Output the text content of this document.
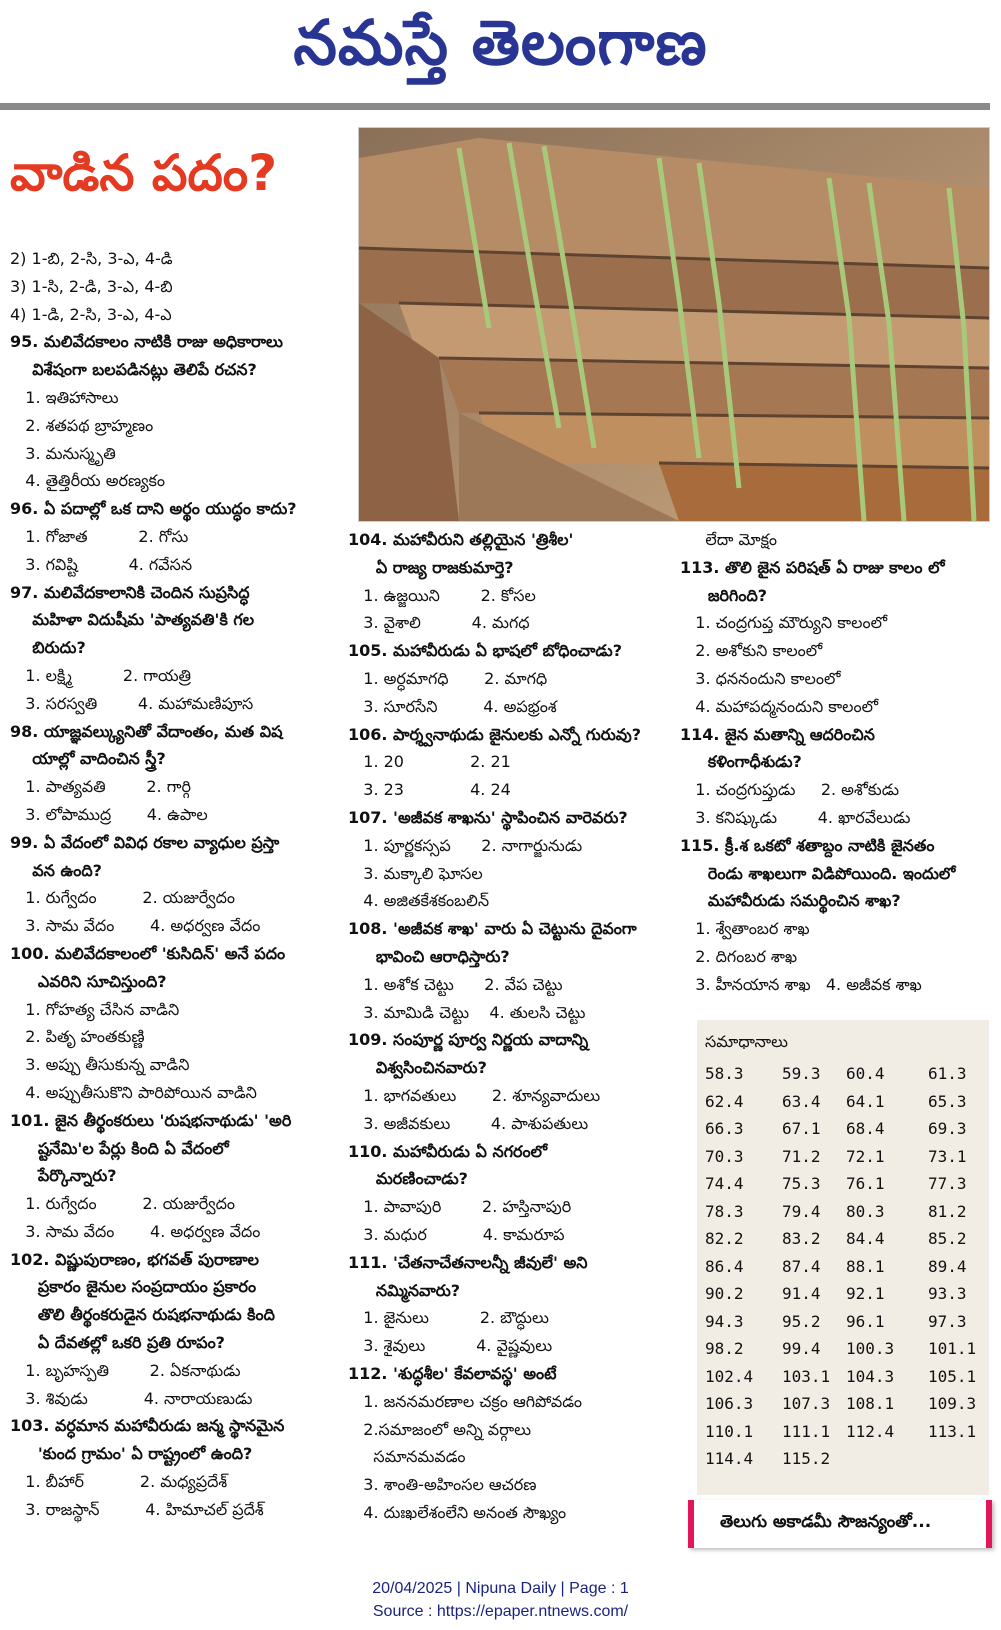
నమస్తే తెలంగాణ
వాడిన పదం?
2) 1-బి, 2-సి, 3-ఎ, 4-డి
3) 1-సి, 2-డి, 3-ఎ, 4-బి
4) 1-డి, 2-సి, 3-ఎ, 4-ఎ
95. మలివేదకాలం నాటికి రాజు అధికారాలు
విశేషంగా బలపడినట్లు తెలిపే రచన?
1. ఇతిహాసాలు
2. శతపథ బ్రాహ్మణం
3. మనుస్మృతి
4. తైత్తిరీయ అరణ్యకం
96. ఏ పదాల్లో ఒక దాని అర్థం యుద్ధం కాదు?
1. గోజాత          2. గోసు
3. గవిష్టి          4. గవేసన
97. మలివేదకాలానికి చెందిన సుప్రసిద్ధ
మహిళా విదుషీమ 'పాత్యవతి'కి గల
బిరుదు?
1. లక్ష్మి          2. గాయత్రి
3. సరస్వతి        4. మహామణిపూస
98. యాజ్ఞవల్క్యునితో వేదాంతం, మత విష
యాల్లో వాదించిన స్త్రీ?
1. పాత్యవతి        2. గార్గి
3. లోపాముద్ర       4. ఉపాల
99. ఏ వేదంలో వివిధ రకాల వ్యాధుల ప్రస్తా
వన ఉంది?
1. రుగ్వేదం         2. యజుర్వేదం
3. సామ వేదం       4. అధర్వణ వేదం
100. మలివేదకాలంలో 'కుసిదిన్' అనే పదం
ఎవరిని సూచిస్తుంది?
1. గోహత్య చేసిన వాడిని
2. పితృ హంతకుణ్ణి
3. అప్పు తీసుకున్న వాడిని
4. అప్పుతీసుకొని పారిపోయిన వాడిని
101. జైన తీర్థంకరులు 'రుషభనాథుడు' 'అరి
ష్టనేమి'ల పేర్లు కింది ఏ వేదంలో
పేర్కొన్నారు?
1. రుగ్వేదం         2. యజుర్వేదం
3. సామ వేదం       4. అధర్వణ వేదం
102. విష్ణుపురాణం, భగవత్ పురాణాల
ప్రకారం జైనుల సంప్రదాయం ప్రకారం
తొలి తీర్థంకరుడైన రుషభనాథుడు కింది
ఏ దేవతల్లో ఒకరి ప్రతి రూపం?
1. బృహస్పతి        2. ఏకనాథుడు
3. శివుడు           4. నారాయణుడు
103. వర్ధమాన మహావీరుడు జన్మ స్థానమైన
'కుంద గ్రామం' ఏ రాష్ట్రంలో ఉంది?
1. బీహార్           2. మధ్యప్రదేశ్
3. రాజస్థాన్         4. హిమాచల్ ప్రదేశ్
104. మహావీరుని తల్లియైన 'త్రిశీల'
ఏ రాజ్య రాజకుమార్తె?
1. ఉజ్జయిని        2. కోసల
3. వైశాలి          4. మగధ
105. మహావీరుడు ఏ భాషలో బోధించాడు?
1. అర్ధమాగధి       2. మాగధి
3. సూరసేని         4. అపభ్రంశ
106. పార్శ్వనాథుడు జైనులకు ఎన్నో గురువు?
1. 20             2. 21
3. 23             4. 24
107. 'అజీవక శాఖను' స్థాపించిన వారెవరు?
1. పూర్ణకస్సప      2. నాగార్జునుడు
3. మక్కాలి ఘోసల
4. అజితకేశకంబలిన్
108. 'అజీవక శాఖ' వారు ఏ చెట్టును దైవంగా
భావించి ఆరాధిస్తారు?
1. అశోక చెట్టు      2. వేప చెట్టు
3. మామిడి చెట్టు    4. తులసి చెట్టు
109. సంపూర్ణ పూర్వ నిర్ణయ వాదాన్ని
విశ్వసించినవారు?
1. భాగవతులు       2. శూన్యవాదులు
3. అజీవకులు        4. పాశుపతులు
110. మహావీరుడు ఏ నగరంలో
మరణించాడు?
1. పావాపురి        2. హస్తినాపురి
3. మధుర           4. కామరూప
111. 'చేతనాచేతనాలన్నీ జీవులే' అని
నమ్మినవారు?
1. జైనులు          2. బౌద్ధులు
3. శైవులు          4. వైష్ణవులు
112. 'శుద్ధశీల' కేవలావస్థ' అంటే
1. జననమరణాల చక్రం ఆగిపోవడం
2.సమాజంలో అన్ని వర్గాలు
సమానమవడం
3. శాంతి-అహింసల ఆచరణ
4. దుఃఖలేశంలేని అనంత సౌఖ్యం
లేదా మోక్షం
113. తొలి జైన పరిషత్ ఏ రాజు కాలం లో
జరిగింది?
1. చంద్రగుప్త మౌర్యుని కాలంలో
2. అశోకుని కాలంలో
3. ధననందుని కాలంలో
4. మహాపద్మనందుని కాలంలో
114. జైన మతాన్ని ఆదరించిన
కళింగాధీశుడు?
1. చంద్రగుప్తుడు     2. అశోకుడు
3. కనిష్కుడు        4. ఖారవేలుడు
115. క్రీ.శ ఒకటో శతాబ్దం నాటికి జైనతం
రెండు శాఖలుగా విడిపోయింది. ఇందులో
మహావీరుడు సమర్థించిన శాఖ?
1. శ్వేతాంబర శాఖ
2. దిగంబర శాఖ
3. హీనయాన శాఖ   4. అజీవక శాఖ
సమాధానాలు
58.3 59.3 60.4	61.3
62.4 63.4 64.1	65.3
66.3 67.1 68.4	69.3
70.3 71.2 72.1	73.1
74.4 75.3 76.1	77.3
78.3 79.4 80.3	81.2
82.2 83.2 84.4	85.2
86.4 87.4 88.1	89.4
90.2 91.4 92.1	93.3
94.3 95.2 96.1	97.3
98.2 99.4 100.3 101.1
102.4 103.1 104.3 105.1
106.3 107.3 108.1 109.3
110.1 111.1 112.4 113.1
114.4 115.2
తెలుగు అకాడమీ సౌజన్యంతో...
20/04/2025 | Nipuna Daily | Page : 1
Source : https://epaper.ntnews.com/
